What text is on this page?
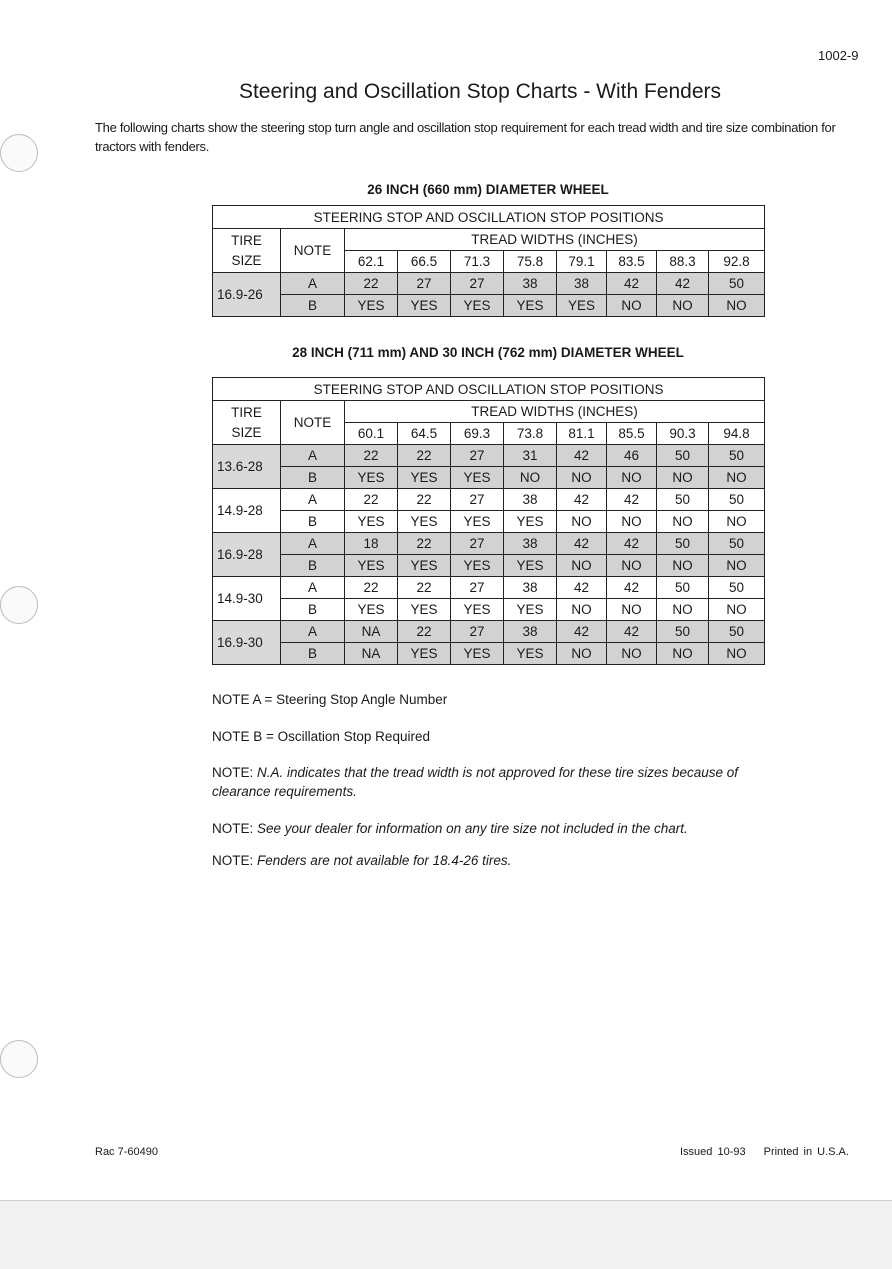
1002-9
Steering and Oscillation Stop Charts - With Fenders
The following charts show the steering stop turn angle and oscillation stop requirement for each tread width and tire size combination for tractors with fenders.
26 INCH (660 mm) DIAMETER WHEEL
STEERING STOP AND OSCILLATION STOP POSITIONS									

TIRE
SIZE	NOTE	TREAD WIDTHS (INCHES)							
		62.1	66.5	71.3	75.8	79.1	83.5	88.3	92.8
16.9-26	A	22	27	27	38	38	42	42	50
	B	YES	YES	YES	YES	YES	NO	NO	NO
28 INCH (711 mm) AND 30 INCH (762 mm) DIAMETER WHEEL
STEERING STOP AND OSCILLATION STOP POSITIONS									

TIRE
SIZE	NOTE	TREAD WIDTHS (INCHES)							
		60.1	64.5	69.3	73.8	81.1	85.5	90.3	94.8
13.6-28	A	22	22	27	31	42	46	50	50
	B	YES	YES	YES	NO	NO	NO	NO	NO
14.9-28	A	22	22	27	38	42	42	50	50
	B	YES	YES	YES	YES	NO	NO	NO	NO
16.9-28	A	18	22	27	38	42	42	50	50
	B	YES	YES	YES	YES	NO	NO	NO	NO
14.9-30	A	22	22	27	38	42	42	50	50
	B	YES	YES	YES	YES	NO	NO	NO	NO
16.9-30	A	NA	22	27	38	42	42	50	50
	B	NA	YES	YES	YES	NO	NO	NO	NO
NOTE A = Steering Stop Angle Number
NOTE B = Oscillation Stop Required
NOTE: N.A. indicates that the tread width is not approved for these tire sizes because of clearance requirements.
NOTE: See your dealer for information on any tire size not included in the chart.
NOTE: Fenders are not available for 18.4-26 tires.
Rac 7-60490	Issued 10-93 Printed in U.S.A.
